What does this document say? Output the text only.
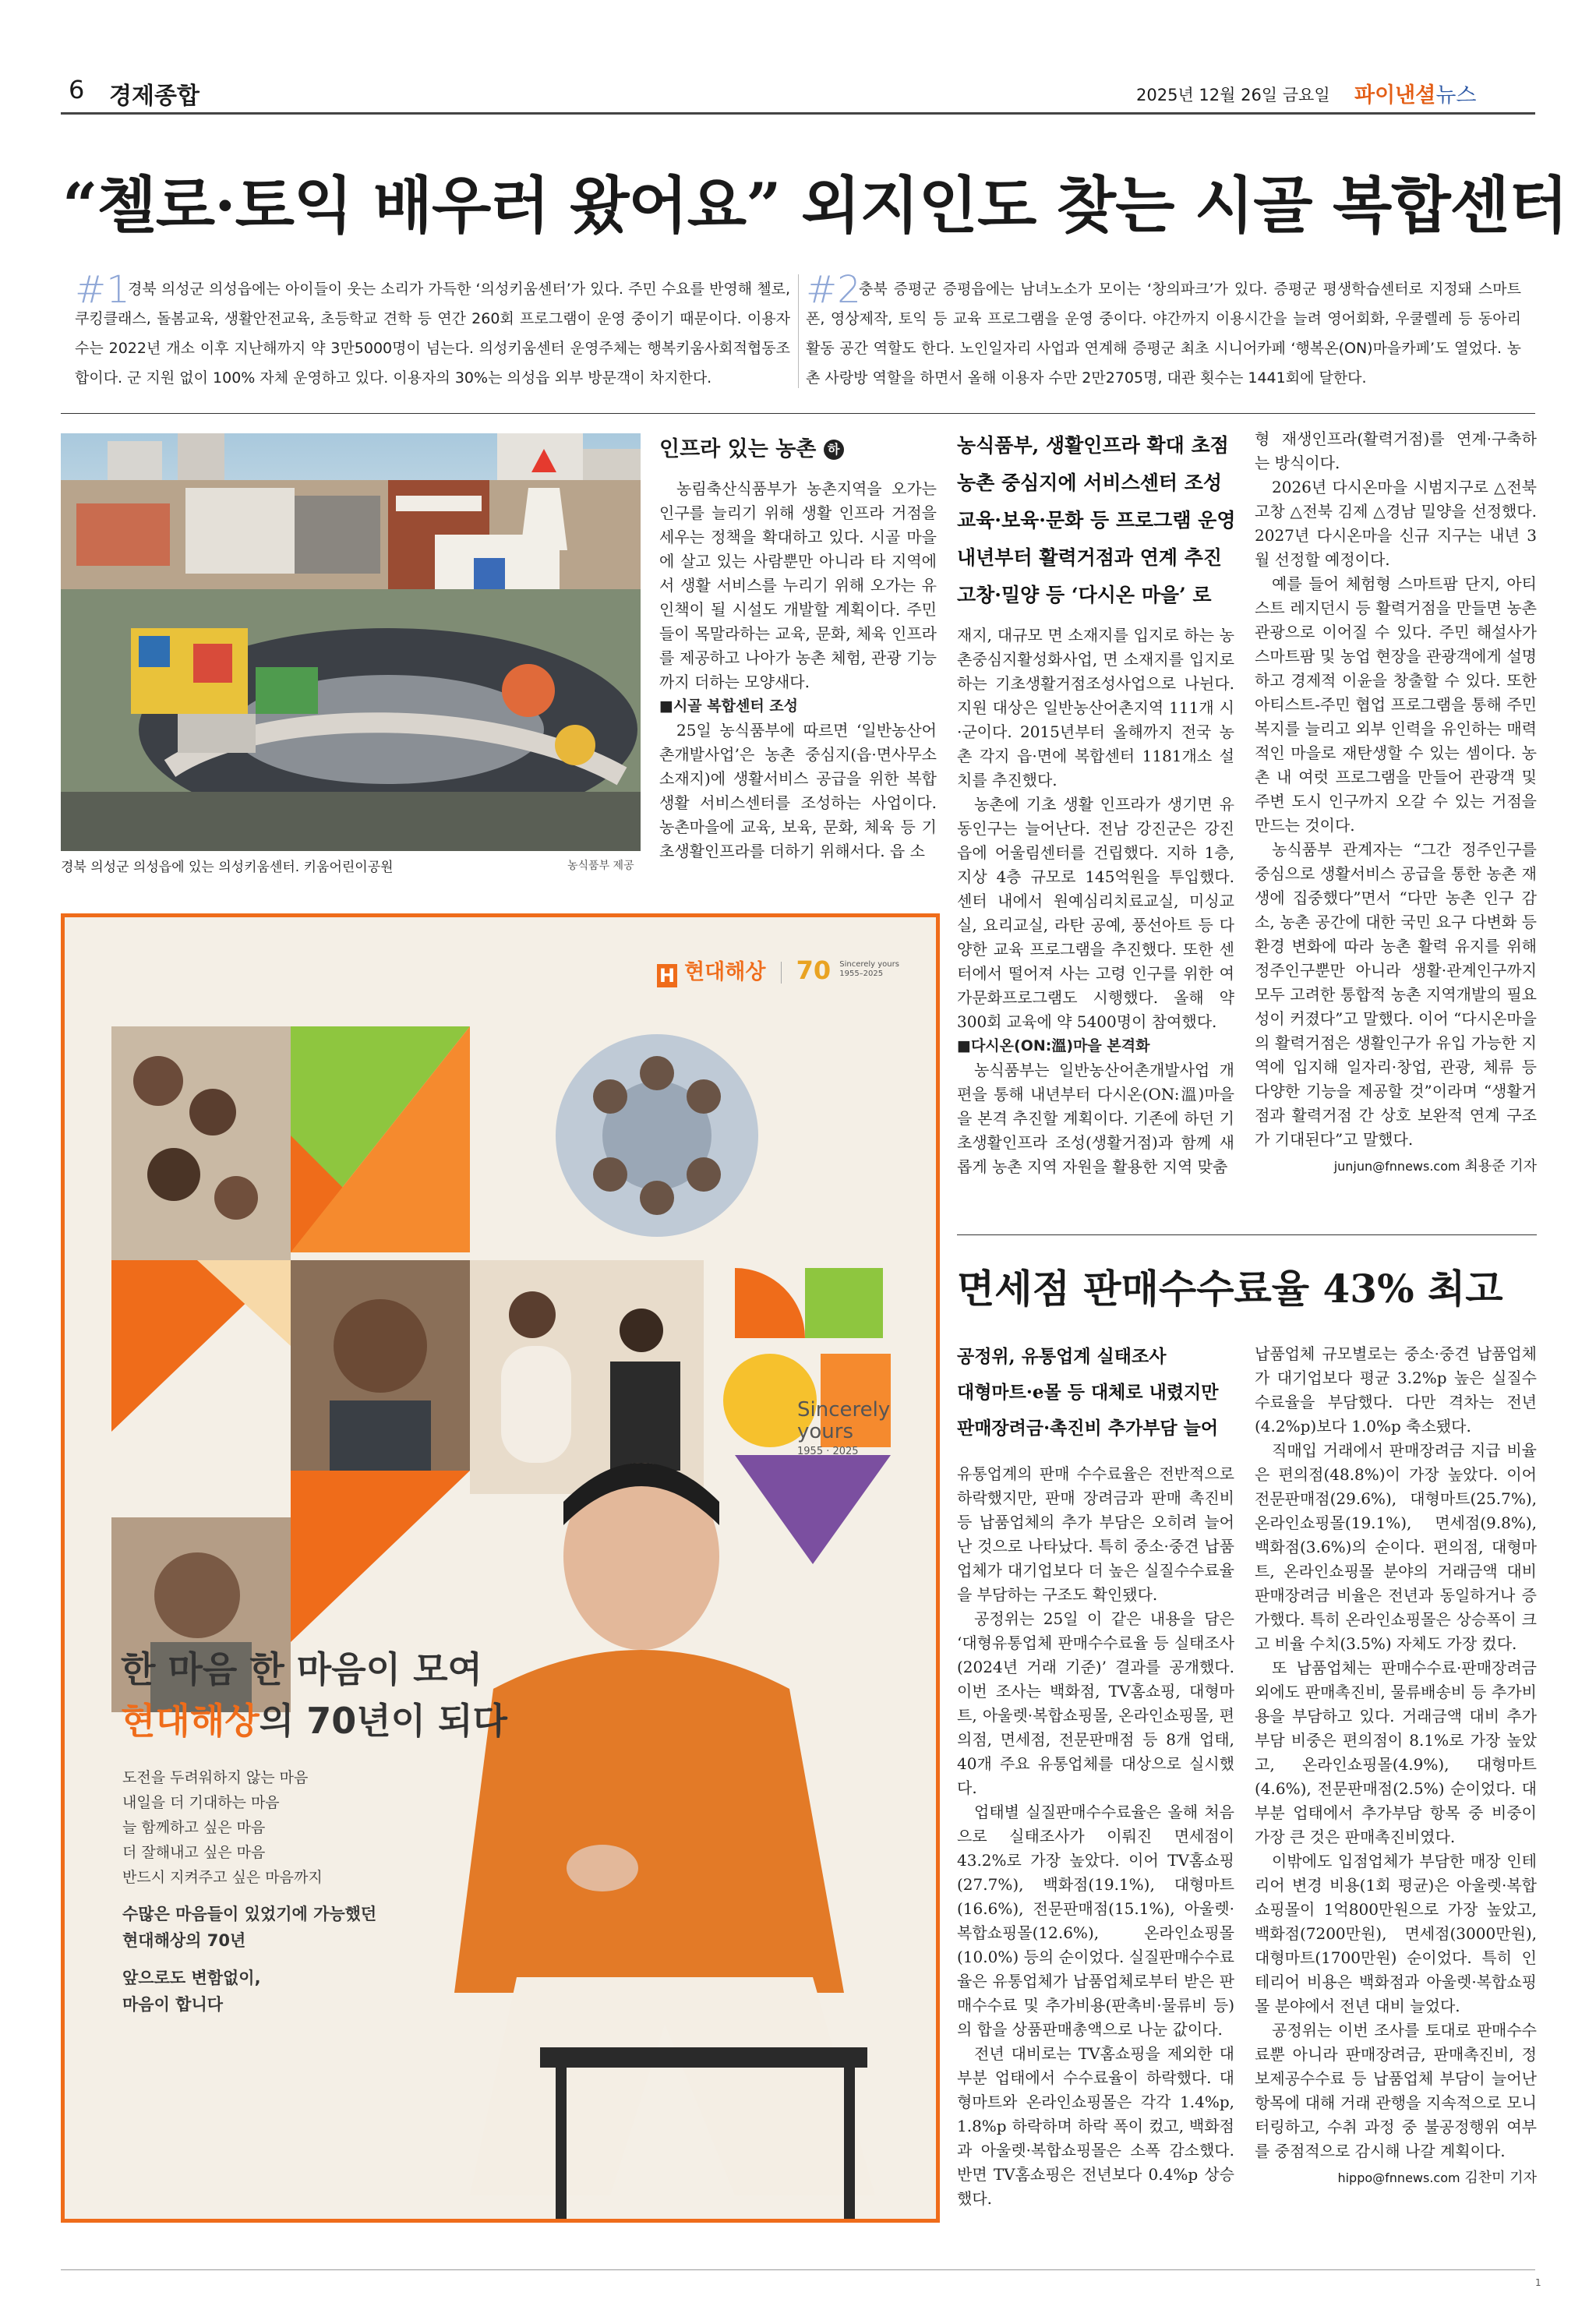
6 경제종합	2025년 12월 26일 금요일 파이낸셜뉴스
“첼로·토익 배우러 왔어요” 외지인도 찾는 시골 복합센터
#1
경북 의성군 의성읍에는 아이들이 웃는 소리가 가득한 ‘의성키움센터’가 있다. 주민 수요를 반영해 첼로, 쿠킹클래스, 돌봄교육, 생활안전교육, 초등학교 견학 등 연간 260회 프로그램이 운영 중이기 때문이다. 이용자 수는 2022년 개소 이후 지난해까지 약 3만5000명이 넘는다. 의성키움센터 운영주체는 행복키움사회적협동조합이다. 군 지원 없이 100% 자체 운영하고 있다. 이용자의 30%는 의성읍 외부 방문객이 차지한다.
#2
충북 증평군 증평읍에는 남녀노소가 모이는 ‘창의파크’가 있다. 증평군 평생학습센터로 지정돼 스마트폰, 영상제작, 토익 등 교육 프로그램을 운영 중이다. 야간까지 이용시간을 늘려 영어회화, 우쿨렐레 등 동아리 활동 공간 역할도 한다. 노인일자리 사업과 연계해 증평군 최초 시니어카페 ‘행복온(ON)마을카페’도 열었다. 농촌 사랑방 역할을 하면서 올해 이용자 수만 2만2705명, 대관 횟수는 1441회에 달한다.
경북 의성군 의성읍에 있는 의성키움센터. 키움어린이공원	농식품부 제공
인프라 있는 농촌 하

농림축산식품부가 농촌지역을 오가는 인구를 늘리기 위해 생활 인프라 거점을 세우는 정책을 확대하고 있다. 시골 마을에 살고 있는 사람뿐만 아니라 타 지역에서 생활 서비스를 누리기 위해 오가는 유인책이 될 시설도 개발할 계획이다. 주민들이 목말라하는 교육, 문화, 체육 인프라를 제공하고 나아가 농촌 체험, 관광 기능까지 더하는 모양새다.

■시골 복합센터 조성

25일 농식품부에 따르면 ‘일반농산어촌개발사업’은 농촌 중심지(읍·면사무소 소재지)에 생활서비스 공급을 위한 복합 생활 서비스센터를 조성하는 사업이다. 농촌마을에 교육, 보육, 문화, 체육 등 기초생활인프라를 더하기 위해서다. 읍 소

농식품부, 생활인프라 확대 초점
농촌 중심지에 서비스센터 조성
교육·보육·문화 등 프로그램 운영
내년부터 활력거점과 연계 추진
고창·밀양 등 ‘다시온 마을’ 로

재지, 대규모 면 소재지를 입지로 하는 농촌중심지활성화사업, 면 소재지를 입지로 하는 기초생활거점조성사업으로 나뉜다. 지원 대상은 일반농산어촌지역 111개 시·군이다. 2015년부터 올해까지 전국 농촌 각지 읍·면에 복합센터 1181개소 설치를 추진했다.

농촌에 기초 생활 인프라가 생기면 유동인구는 늘어난다. 전남 강진군은 강진읍에 어울림센터를 건립했다. 지하 1층, 지상 4층 규모로 145억원을 투입했다. 센터 내에서 원예심리치료교실, 미싱교실, 요리교실, 라탄 공예, 풍선아트 등 다양한 교육 프로그램을 추진했다. 또한 센터에서 떨어져 사는 고령 인구를 위한 여가문화프로그램도 시행했다. 올해 약 300회 교육에 약 5400명이 참여했다.

■다시온(ON:溫)마을 본격화

농식품부는 일반농산어촌개발사업 개편을 통해 내년부터 다시온(ON:溫)마을을 본격 추진할 계획이다. 기존에 하던 기초생활인프라 조성(생활거점)과 함께 새롭게 농촌 지역 자원을 활용한 지역 맞춤

형 재생인프라(활력거점)를 연계·구축하는 방식이다.

2026년 다시온마을 시범지구로 △전북 고창 △전북 김제 △경남 밀양을 선정했다. 2027년 다시온마을 신규 지구는 내년 3월 선정할 예정이다.

예를 들어 체험형 스마트팜 단지, 아티스트 레지던시 등 활력거점을 만들면 농촌관광으로 이어질 수 있다. 주민 해설사가 스마트팜 및 농업 현장을 관광객에게 설명하고 경제적 이윤을 창출할 수 있다. 또한 아티스트-주민 협업 프로그램을 통해 주민 복지를 늘리고 외부 인력을 유인하는 매력적인 마을로 재탄생할 수 있는 셈이다. 농촌 내 여럿 프로그램을 만들어 관광객 및 주변 도시 인구까지 오갈 수 있는 거점을 만드는 것이다.

농식품부 관계자는 “그간 정주인구를 중심으로 생활서비스 공급을 통한 농촌 재생에 집중했다”면서 “다만 농촌 인구 감소, 농촌 공간에 대한 국민 요구 다변화 등 환경 변화에 따라 농촌 활력 유지를 위해 정주인구뿐만 아니라 생활·관계인구까지 모두 고려한 통합적 농촌 지역개발의 필요성이 커졌다”고 말했다. 이어 “다시온마을의 활력거점은 생활인구가 유입 가능한 지역에 입지해 일자리·창업, 관광, 체류 등 다양한 기능을 제공할 것”이라며 “생활거점과 활력거점 간 상호 보완적 연계 구조가 기대된다”고 말했다.

junjun@fnnews.com 최용준 기자
면세점 판매수수료율 43% 최고
공정위, 유통업계 실태조사
대형마트·e몰 등 대체로 내렸지만
판매장려금·촉진비 추가부담 늘어

유통업계의 판매 수수료율은 전반적으로 하락했지만, 판매 장려금과 판매 촉진비 등 납품업체의 추가 부담은 오히려 늘어난 것으로 나타났다. 특히 중소·중견 납품업체가 대기업보다 더 높은 실질수수료율을 부담하는 구조도 확인됐다.

공정위는 25일 이 같은 내용을 담은 ‘대형유통업체 판매수수료율 등 실태조사(2024년 거래 기준)’ 결과를 공개했다. 이번 조사는 백화점, TV홈쇼핑, 대형마트, 아울렛·복합쇼핑몰, 온라인쇼핑몰, 편의점, 면세점, 전문판매점 등 8개 업태, 40개 주요 유통업체를 대상으로 실시했다.

업태별 실질판매수수료율은 올해 처음으로 실태조사가 이뤄진 면세점이 43.2%로 가장 높았다. 이어 TV홈쇼핑(27.7%), 백화점(19.1%), 대형마트(16.6%), 전문판매점(15.1%), 아울렛·복합쇼핑몰(12.6%), 온라인쇼핑몰(10.0%) 등의 순이었다. 실질판매수수료율은 유통업체가 납품업체로부터 받은 판매수수료 및 추가비용(판촉비·물류비 등)의 합을 상품판매총액으로 나눈 값이다.

전년 대비로는 TV홈쇼핑을 제외한 대부분 업태에서 수수료율이 하락했다. 대형마트와 온라인쇼핑몰은 각각 1.4%p, 1.8%p 하락하며 하락 폭이 컸고, 백화점과 아울렛·복합쇼핑몰은 소폭 감소했다. 반면 TV홈쇼핑은 전년보다 0.4%p 상승했다.

납품업체 규모별로는 중소·중견 납품업체가 대기업보다 평균 3.2%p 높은 실질수수료율을 부담했다. 다만 격차는 전년(4.2%p)보다 1.0%p 축소됐다.

직매입 거래에서 판매장려금 지급 비율은 편의점(48.8%)이 가장 높았다. 이어 전문판매점(29.6%), 대형마트(25.7%), 온라인쇼핑몰(19.1%), 면세점(9.8%), 백화점(3.6%)의 순이다. 편의점, 대형마트, 온라인쇼핑몰 분야의 거래금액 대비 판매장려금 비율은 전년과 동일하거나 증가했다. 특히 온라인쇼핑몰은 상승폭이 크고 비율 수치(3.5%) 자체도 가장 컸다.

또 납품업체는 판매수수료·판매장려금 외에도 판매촉진비, 물류배송비 등 추가비용을 부담하고 있다. 거래금액 대비 추가부담 비중은 편의점이 8.1%로 가장 높았고, 온라인쇼핑몰(4.9%), 대형마트(4.6%), 전문판매점(2.5%) 순이었다. 대부분 업태에서 추가부담 항목 중 비중이 가장 큰 것은 판매촉진비였다.

이밖에도 입점업체가 부담한 매장 인테리어 변경 비용(1회 평균)은 아울렛·복합쇼핑몰이 1억800만원으로 가장 높았고, 백화점(7200만원), 면세점(3000만원), 대형마트(1700만원) 순이었다. 특히 인테리어 비용은 백화점과 아울렛·복합쇼핑몰 분야에서 전년 대비 늘었다.

공정위는 이번 조사를 토대로 판매수수료뿐 아니라 판매장려금, 판매촉진비, 정보제공수수료 등 납품업체 부담이 늘어난 항목에 대해 거래 관행을 지속적으로 모니터링하고, 수취 과정 중 불공정행위 여부를 중점적으로 감시해 나갈 계획이다.

hippo@fnnews.com 김찬미 기자
H 현대해상 70 Sincerely yours
1955–2025
Sincerely
yours
1955 · 2025
한 마음 한 마음이 모여
현대해상의 70년이 되다
도전을 두려워하지 않는 마음
내일을 더 기대하는 마음
늘 함께하고 싶은 마음
더 잘해내고 싶은 마음
반드시 지켜주고 싶은 마음까지
수많은 마음들이 있었기에 가능했던
현대해상의 70년
앞으로도 변함없이,
마음이 합니다
1
